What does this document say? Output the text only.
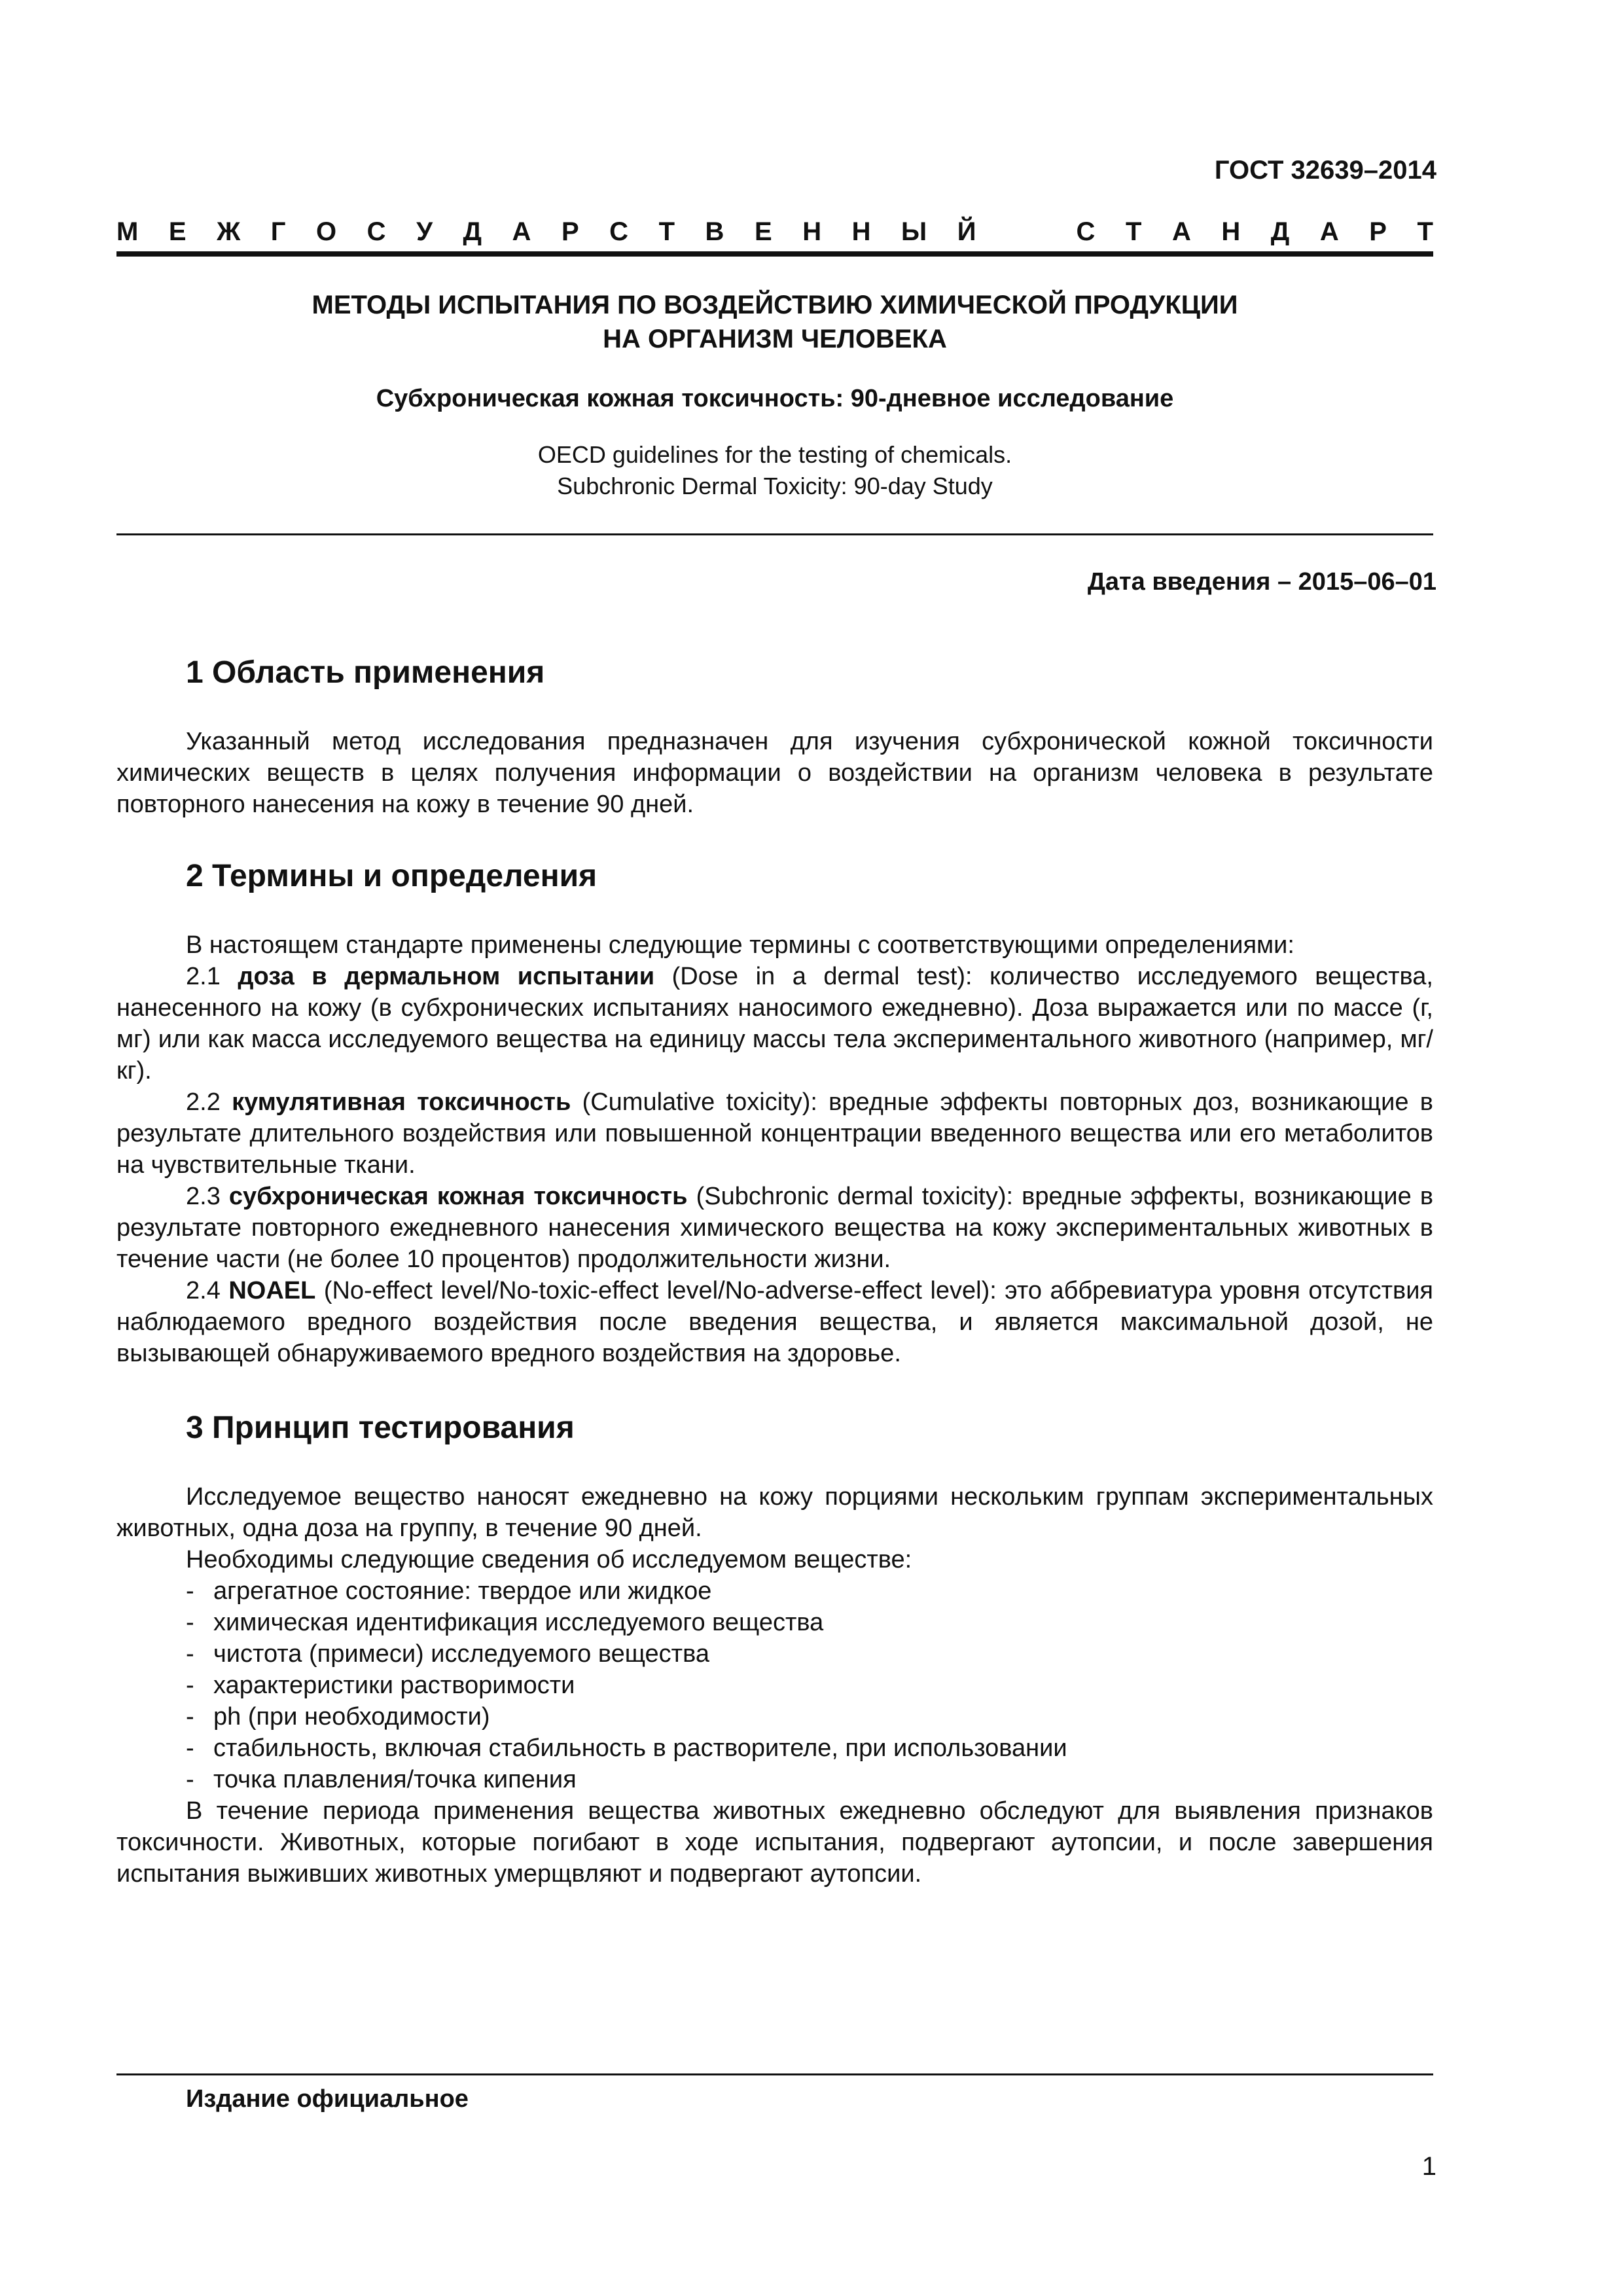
ГОСТ 32639–2014
М Е Ж Г О С У Д А Р С Т В Е Н Н Ы Й	С Т А Н Д А Р Т
МЕТОДЫ ИСПЫТАНИЯ ПО ВОЗДЕЙСТВИЮ ХИМИЧЕСКОЙ ПРОДУКЦИИ
НА ОРГАНИЗМ ЧЕЛОВЕКА
Субхроническая кожная токсичность: 90-дневное исследование
OECD guidelines for the testing of chemicals.
Subchronic Dermal Toxicity: 90-day Study
Дата введения – 2015–06–01
1 Область применения

Указанный метод исследования предназначен для изучения субхронической кожной токсичности химических веществ в целях получения информации о воздействии на организм человека в результате повторного нанесения на кожу в течение 90 дней.

2 Термины и определения

В настоящем стандарте применены следующие термины с соответствующими определениями:

2.1 доза в дермальном испытании (Dose in a dermal test): количество исследуемого вещества, нанесенного на кожу (в субхронических испытаниях наносимого ежедневно). Доза выражается или по массе (г, мг) или как масса исследуемого вещества на единицу массы тела экспериментального животного (например, мг/кг).

2.2 кумулятивная токсичность (Cumulative toxicity): вредные эффекты повторных доз, возникающие в результате длительного воздействия или повышенной концентрации введенного вещества или его метаболитов на чувствительные ткани.

2.3 субхроническая кожная токсичность (Subchronic dermal toxicity): вредные эффекты, возникающие в результате повторного ежедневного нанесения химического вещества на кожу экспериментальных животных в течение части (не более 10 процентов) продолжительности жизни.

2.4 NOAEL (No-effect level/No-toxic-effect level/No-adverse-effect level): это аббревиатура уровня отсутствия наблюдаемого вредного воздействия после введения вещества, и является максимальной дозой, не вызывающей обнаруживаемого вредного воздействия на здоровье.

3 Принцип тестирования

Исследуемое вещество наносят ежедневно на кожу порциями нескольким группам экспериментальных животных, одна доза на группу, в течение 90 дней.

Необходимы следующие сведения об исследуемом веществе:

- агрегатное состояние: твердое или жидкое

- химическая идентификация исследуемого вещества

- чистота (примеси) исследуемого вещества

- характеристики растворимости

- ph (при необходимости)

- стабильность, включая стабильность в растворителе, при использовании

- точка плавления/точка кипения

В течение периода применения вещества животных ежедневно обследуют для выявления признаков токсичности. Животных, которые погибают в ходе испытания, подвергают аутопсии, и после завершения испытания выживших животных умерщвляют и подвергают аутопсии.

Издание официальное
1
